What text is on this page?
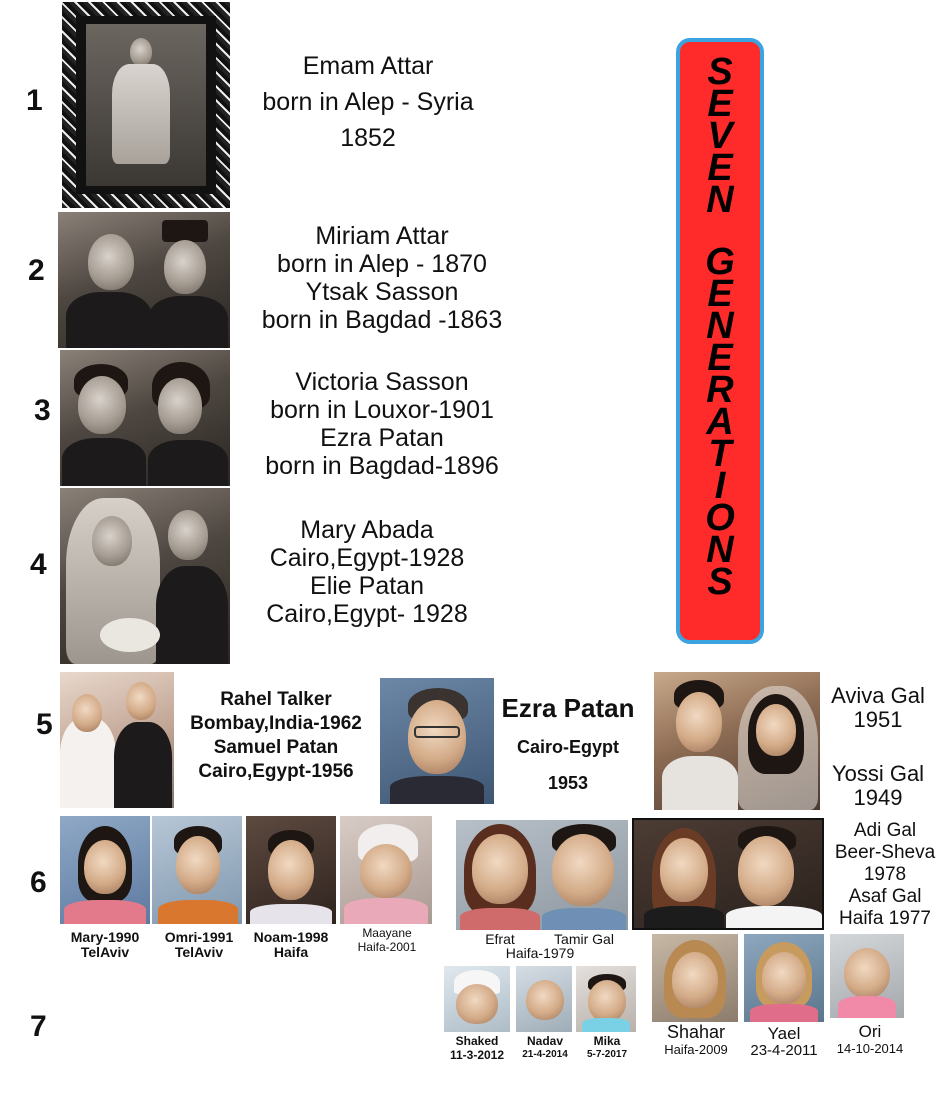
1
2
3
4
5
6
7
Emam Attar
born in Alep - Syria
1852
Miriam Attar
born in Alep - 1870
Ytsak Sasson
born in Bagdad -1863
Victoria Sasson
born in Louxor-1901
Ezra Patan
born in Bagdad-1896
Mary Abada
Cairo,Egypt-1928
Elie Patan
Cairo,Egypt- 1928
S
E
V
E
N
G
E
N
E
R
A
T
I
O
N
S
Rahel Talker
Bombay,India-1962
Samuel Patan
Cairo,Egypt-1956
Ezra Patan
Cairo-Egypt
1953
Aviva Gal
1951
Yossi Gal
1949
Mary-1990
TelAviv
Omri-1991
TelAviv
Noam-1998
Haifa
Maayane
Haifa-2001	Efrat	Tamir Gal
Haifa-1979
Adi Gal
Beer-Sheva
1978
Asaf Gal
Haifa 1977
Shaked
11-3-2012
Nadav
21-4-2014
Mika
5-7-2017
Shahar
Haifa-2009
Yael
23-4-2011
Ori
14-10-2014
